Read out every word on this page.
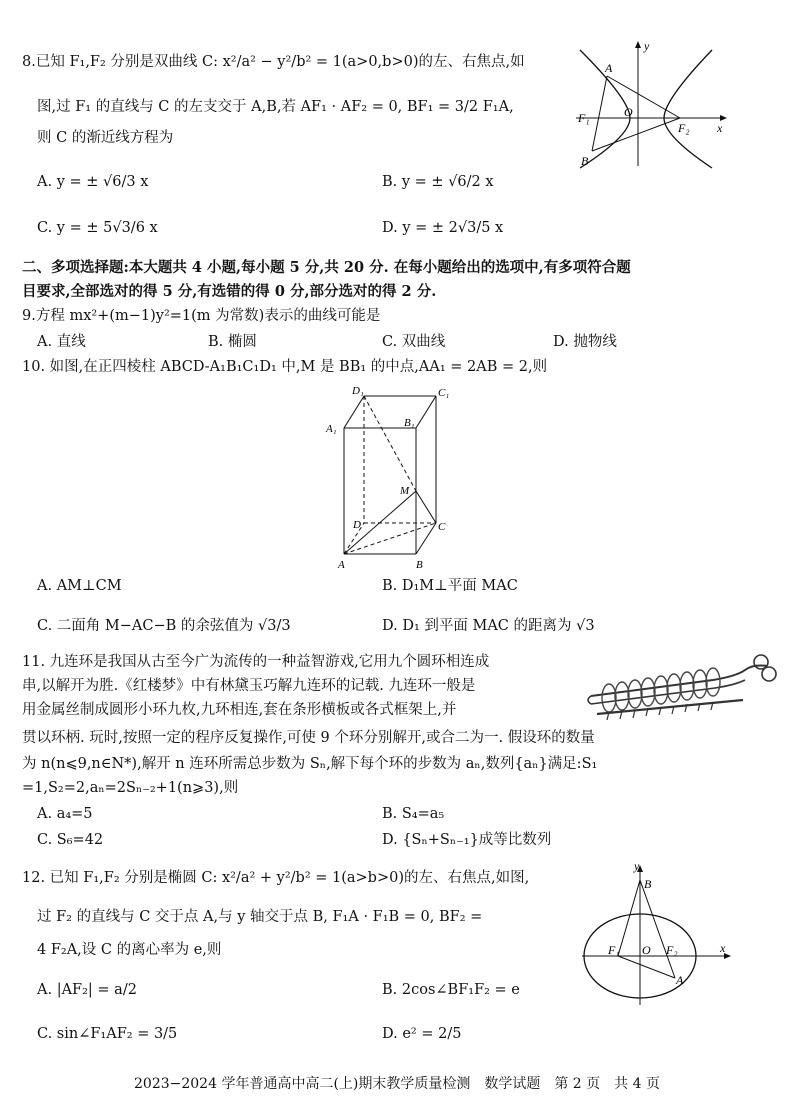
8.已知 F₁,F₂ 分别是双曲线 C: x²/a² − y²/b² = 1(a>0,b>0)的左、右焦点,如
图,过 F₁ 的直线与 C 的左支交于 A,B,若 AF₁ · AF₂ = 0, BF₁ = 3/2 F₁A,
则 C 的渐近线方程为
A. y = ± √6/3 x	B. y = ± √6/2 x
C. y = ± 5√3/6 x	D. y = ± 2√3/5 x
y
x
A
B
F₁	O
F₂
二、多项选择题:本大题共 4 小题,每小题 5 分,共 20 分. 在每小题给出的选项中,有多项符合题
目要求,全部选对的得 5 分,有选错的得 0 分,部分选对的得 2 分.
9.方程 mx²+(m−1)y²=1(m 为常数)表示的曲线可能是
A. 直线	B. 椭圆	C. 双曲线	D. 抛物线
10. 如图,在正四棱柱 ABCD-A₁B₁C₁D₁ 中,M 是 BB₁ 的中点,AA₁ = 2AB = 2,则
D₁	C₁
A₁	B₁
M
D	C
A	B
A. AM⊥CM	B. D₁M⊥平面 MAC
C. 二面角 M−AC−B 的余弦值为 √3/3	D. D₁ 到平面 MAC 的距离为 √3
11. 九连环是我国从古至今广为流传的一种益智游戏,它用九个圆环相连成
串,以解开为胜.《红楼梦》中有林黛玉巧解九连环的记载. 九连环一般是
用金属丝制成圆形小环九枚,九环相连,套在条形横板或各式框架上,并
贯以环柄. 玩时,按照一定的程序反复操作,可使 9 个环分别解开,或合二为一. 假设环的数量
为 n(n⩽9,n∈N*),解开 n 连环所需总步数为 Sₙ,解下每个环的步数为 aₙ,数列{aₙ}满足:S₁
=1,S₂=2,aₙ=2Sₙ₋₂+1(n⩾3),则
A. a₄=5	B. S₄=a₅
C. S₆=42	D. {Sₙ+Sₙ₋₁}成等比数列
12. 已知 F₁,F₂ 分别是椭圆 C: x²/a² + y²/b² = 1(a>b>0)的左、右焦点,如图,
过 F₂ 的直线与 C 交于点 A,与 y 轴交于点 B, F₁A · F₁B = 0, BF₂ =
4 F₂A,设 C 的离心率为 e,则
A. |AF₂| = a/2	B. 2cos∠BF₁F₂ = e
C. sin∠F₁AF₂ = 3/5	D. e² = 2/5
y
x
B
F₁ O F₂
A
2023−2024 学年普通高中高二(上)期末教学质量检测　数学试题　第 2 页　共 4 页
